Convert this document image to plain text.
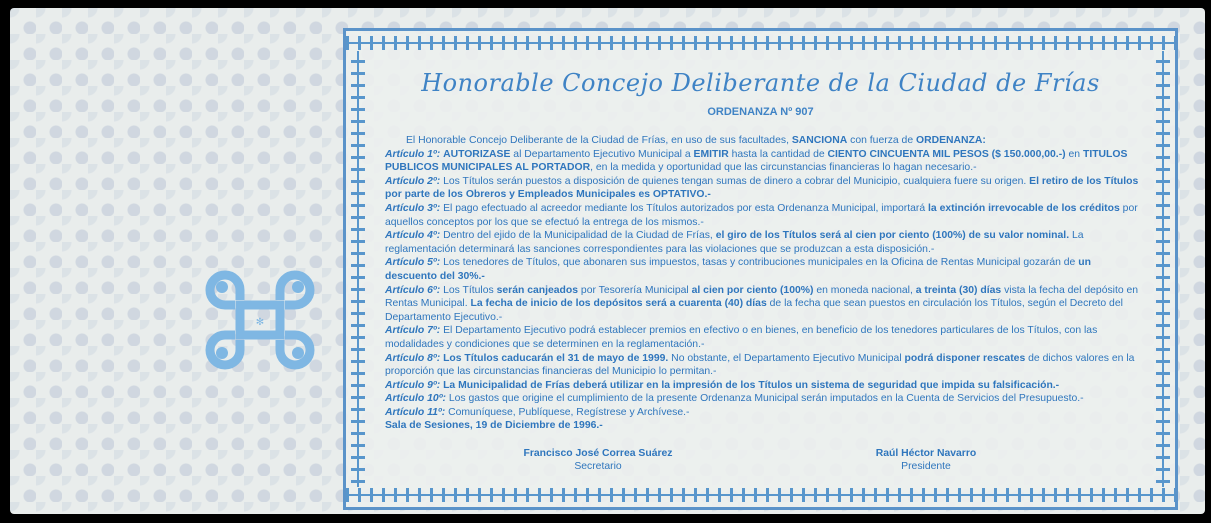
✻
Honorable Concejo Deliberante de la Ciudad de Frías
ORDENANZA Nº 907

El Honorable Concejo Deliberante de la Ciudad de Frías, en uso de sus facultades, SANCIONA con fuerza de ORDENANZA:

Artículo 1º: AUTORIZASE al Departamento Ejecutivo Municipal a EMITIR hasta la cantidad de CIENTO CINCUENTA MIL PESOS ($ 150.000,00.-) en TITULOS PUBLICOS MUNICIPALES AL PORTADOR, en la medida y oportunidad que las circunstancias financieras lo hagan necesario.-

Artículo 2º: Los Títulos serán puestos a disposición de quienes tengan sumas de dinero a cobrar del Municipio, cualquiera fuere su origen. El retiro de los Títulos por parte de los Obreros y Empleados Municipales es OPTATIVO.-

Artículo 3º: El pago efectuado al acreedor mediante los Títulos autorizados por esta Ordenanza Municipal, importará la extinción irrevocable de los créditos por aquellos conceptos por los que se efectuó la entrega de los mismos.-

Artículo 4º: Dentro del ejido de la Municipalidad de la Ciudad de Frías, el giro de los Títulos será al cien por ciento (100%) de su valor nominal. La reglamentación determinará las sanciones correspondientes para las violaciones que se produzcan a esta disposición.-

Artículo 5º: Los tenedores de Títulos, que abonaren sus impuestos, tasas y contribuciones municipales en la Oficina de Rentas Municipal gozarán de un descuento del 30%.-

Artículo 6º: Los Títulos serán canjeados por Tesorería Municipal al cien por ciento (100%) en moneda nacional, a treinta (30) días vista la fecha del depósito en Rentas Municipal. La fecha de inicio de los depósitos será a cuarenta (40) días de la fecha que sean puestos en circulación los Títulos, según el Decreto del Departamento Ejecutivo.-

Artículo 7º: El Departamento Ejecutivo podrá establecer premios en efectivo o en bienes, en beneficio de los tenedores particulares de los Títulos, con las modalidades y condiciones que se determinen en la reglamentación.-

Artículo 8º: Los Títulos caducarán el 31 de mayo de 1999. No obstante, el Departamento Ejecutivo Municipal podrá disponer rescates de dichos valores en la proporción que las circunstancias financieras del Municipio lo permitan.-

Artículo 9º: La Municipalidad de Frías deberá utilizar en la impresión de los Títulos un sistema de seguridad que impida su falsificación.-

Artículo 10º: Los gastos que origine el cumplimiento de la presente Ordenanza Municipal serán imputados en la Cuenta de Servicios del Presupuesto.-

Artículo 11º: Comuníquese, Publíquese, Regístrese y Archívese.-

Sala de Sesiones, 19 de Diciembre de 1996.-

Francisco José Correa Suárez
Secretario
Raúl Héctor Navarro
Presidente
